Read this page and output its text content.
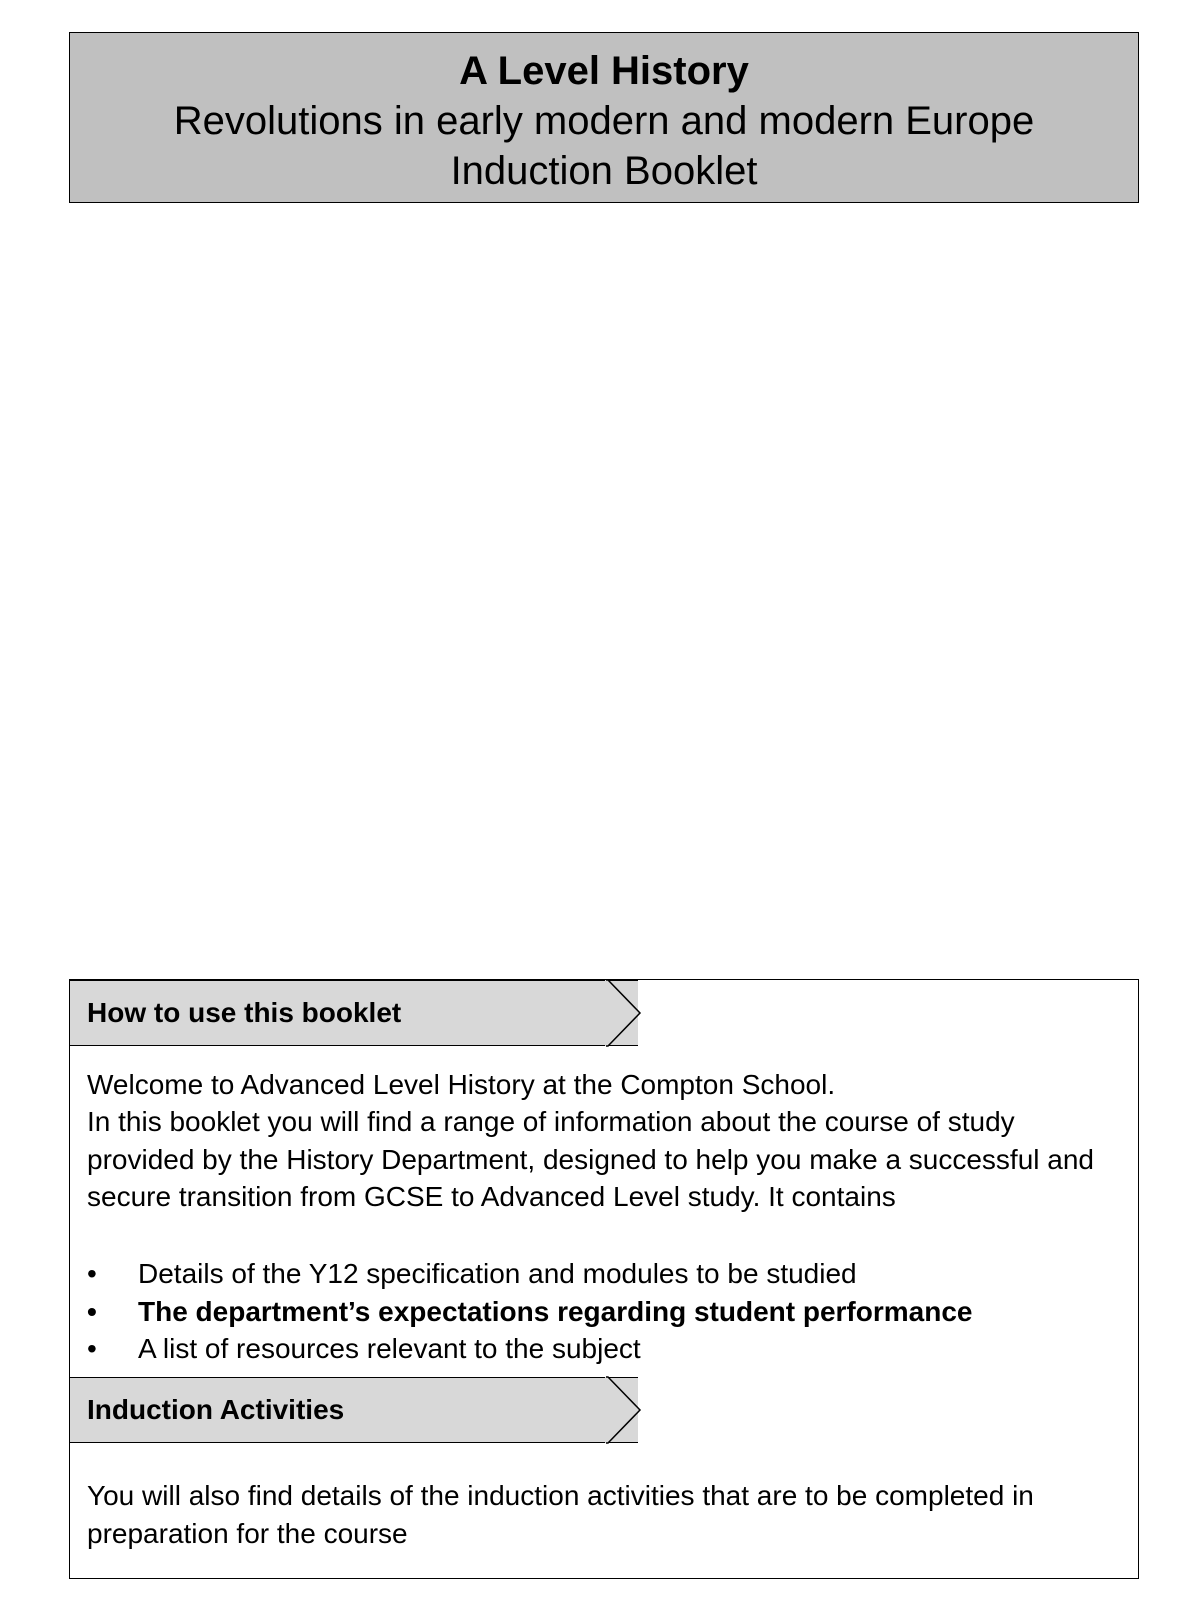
A Level History
Revolutions in early modern and modern Europe
Induction Booklet
How to use this booklet

Welcome to Advanced Level History at the Compton School.

In this booklet you will find a range of information about the course of study provided by the History Department, designed to help you make a successful and secure transition from GCSE to Advanced Level study. It contains

• Details of the Y12 specification and modules to be studied
• The department’s expectations regarding student performance
• A list of resources relevant to the subject
Induction Activities

You will also find details of the induction activities that are to be completed in preparation for the course
